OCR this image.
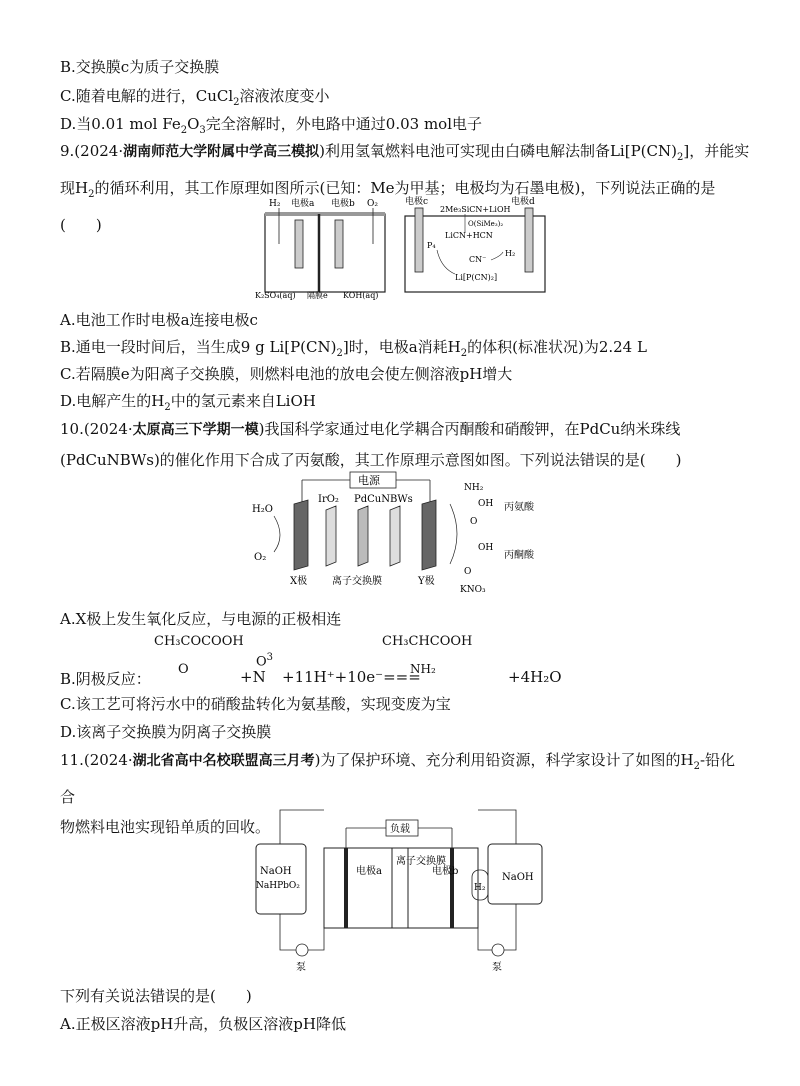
B.交换膜c为质子交换膜
C.随着电解的进行，CuCl$_2$溶液浓度变小
D.当0.01 mol $Fe_2O_3$完全溶解时，外电路中通过0.03 mol电子
9.(2024·湖南师范大学附属中学高三模拟)利用氢氧燃料电池可实现由白磷电解法制备$Li[P(CN)_2]$，并能实
现$H_2$的循环利用，其工作原理如图所示(已知：Me为甲基；电极均为石墨电极)，下列说法正确的是(　　)
H₂ 电极a 电极b O₂
K₂SO₄(aq) 隔膜e KOH(aq)
电极c	电极d
2Me₃SiCN+LiOH
O(SiMe₃)₂
LiCN+HCN
P₄
CN⁻
H₂
Li[P(CN)₂]
A.电池工作时电极a连接电极c
B.通电一段时间后，当生成9 g $Li[P(CN)_2]$时，电极a消耗$H_2$的体积(标准状况)为2.24 L
C.若隔膜e为阳离子交换膜，则燃料电池的放电会使左侧溶液pH增大
D.电解产生的$H_2$中的氢元素来自LiOH
10.(2024·太原高三下学期一模)我国科学家通过电化学耦合丙酮酸和硝酸钾，在PdCu纳米珠线
(PdCuNBWs)的催化作用下合成了丙氨酸，其工作原理示意图如图。下列说法错误的是(　　)
电源
IrO₂ PdCuNBWs
H₂O
O₂
X极 离子交换膜	Y极
NH₂
OH
O
丙氨酸
OH
O
丙酮酸
KNO₃
A.X极上发生氧化反应，与电源的正极相连
CH₃COCOOH
O
B.阴极反应：
$O^3$
+N +11H⁺+10e⁻===
CH₃CHCOOH
NH₂	+4H₂O
C.该工艺可将污水中的硝酸盐转化为氨基酸，实现变废为宝
D.该离子交换膜为阴离子交换膜
11.(2024·湖北省高中名校联盟高三月考)为了保护环境、充分利用铅资源，科学家设计了如图的$H_2-$铅化合
物燃料电池实现铅单质的回收。
NaOH
NaHPbO₂
NaOH
负载
电极a
离子交换膜
电极b
H₂
泵	泵
下列有关说法错误的是(　　)
A.正极区溶液pH升高，负极区溶液pH降低
